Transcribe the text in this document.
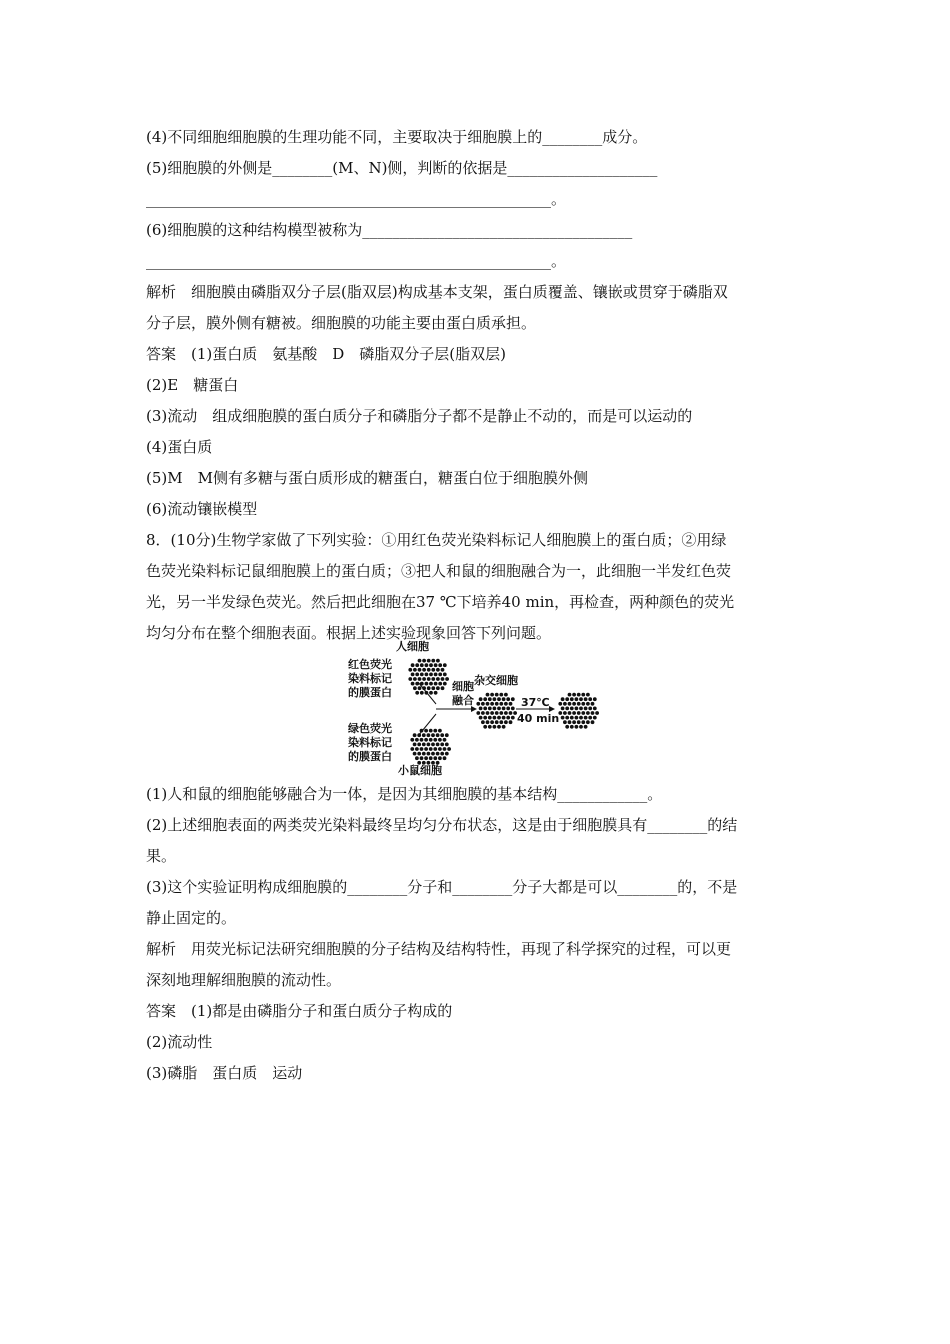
(4)不同细胞细胞膜的生理功能不同，主要取决于细胞膜上的________成分。
(5)细胞膜的外侧是________(M、N)侧，判断的依据是____________________
______________________________________________________。
(6)细胞膜的这种结构模型被称为____________________________________
______________________________________________________。
解析　细胞膜由磷脂双分子层(脂双层)构成基本支架，蛋白质覆盖、镶嵌或贯穿于磷脂双
分子层，膜外侧有糖被。细胞膜的功能主要由蛋白质承担。
答案　(1)蛋白质　氨基酸　D　磷脂双分子层(脂双层)
(2)E　糖蛋白
(3)流动　组成细胞膜的蛋白质分子和磷脂分子都不是静止不动的，而是可以运动的
(4)蛋白质
(5)M　M侧有多糖与蛋白质形成的糖蛋白，糖蛋白位于细胞膜外侧
(6)流动镶嵌模型
8．(10分)生物学家做了下列实验：①用红色荧光染料标记人细胞膜上的蛋白质；②用绿
色荧光染料标记鼠细胞膜上的蛋白质；③把人和鼠的细胞融合为一，此细胞一半发红色荧
光，另一半发绿色荧光。然后把此细胞在37 ℃下培养40 min，再检查，两种颜色的荧光
均匀分布在整个细胞表面。根据上述实验现象回答下列问题。
人细胞
红色荧光
染料标记
的膜蛋白
绿色荧光
染料标记
的膜蛋白
小鼠细胞
细胞
融合
杂交细胞
37℃
40 min
(1)人和鼠的细胞能够融合为一体，是因为其细胞膜的基本结构____________。
(2)上述细胞表面的两类荧光染料最终呈均匀分布状态，这是由于细胞膜具有________的结
果。
(3)这个实验证明构成细胞膜的________分子和________分子大都是可以________的，不是
静止固定的。
解析　用荧光标记法研究细胞膜的分子结构及结构特性，再现了科学探究的过程，可以更
深刻地理解细胞膜的流动性。
答案　(1)都是由磷脂分子和蛋白质分子构成的
(2)流动性
(3)磷脂　蛋白质　运动
